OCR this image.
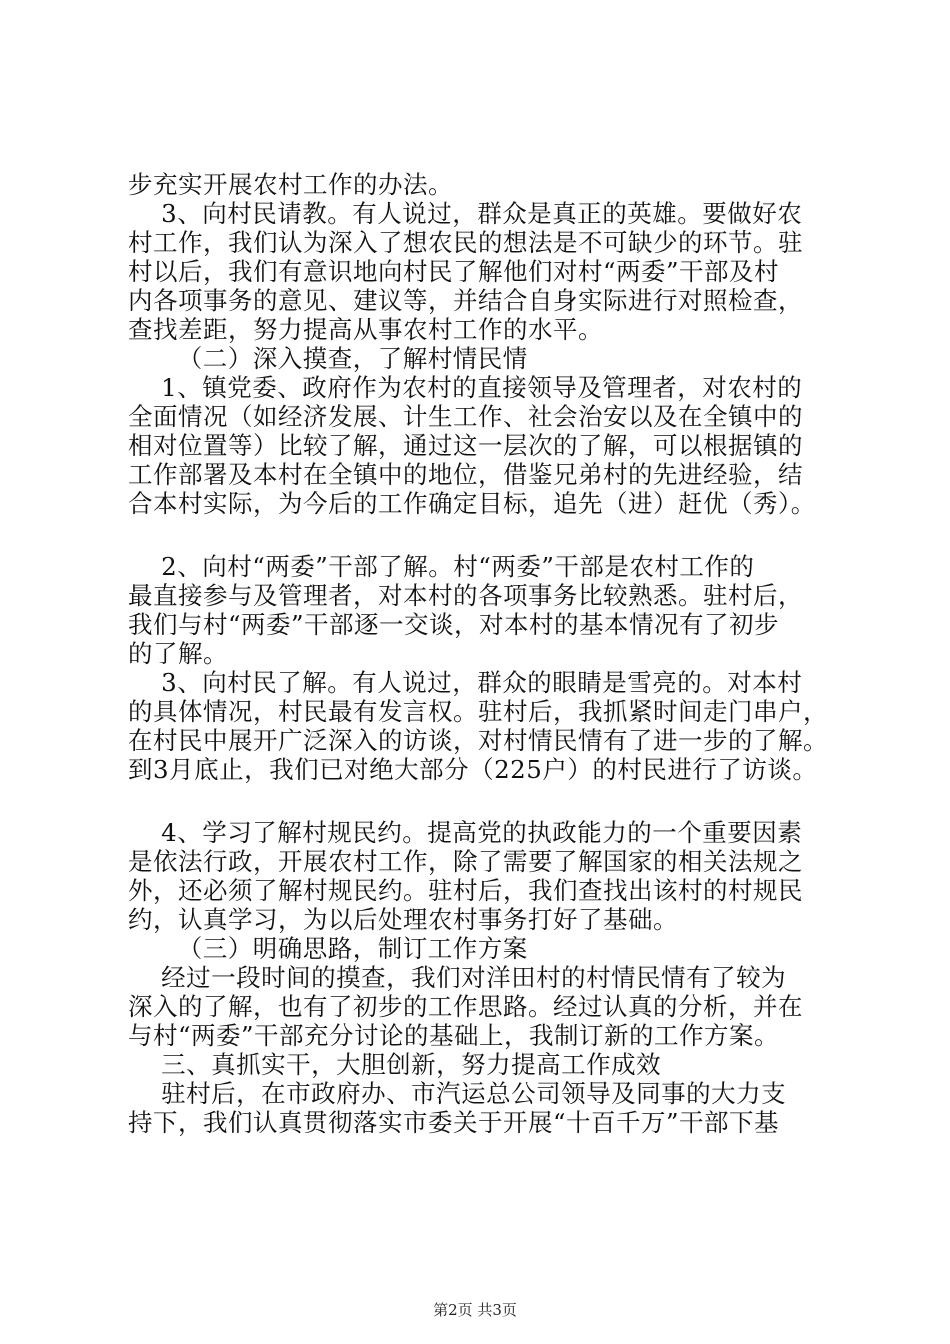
步充实开展农村工作的办法。
3、向村民请教。有人说过，群众是真正的英雄。要做好农
村工作，我们认为深入了想农民的想法是不可缺少的环节。驻
村以后，我们有意识地向村民了解他们对村“两委”干部及村
内各项事务的意见、建议等，并结合自身实际进行对照检查，
查找差距，努力提高从事农村工作的水平。
（二）深入摸查，了解村情民情
1、镇党委、政府作为农村的直接领导及管理者，对农村的
全面情况（如经济发展、计生工作、社会治安以及在全镇中的
相对位置等）比较了解，通过这一层次的了解，可以根据镇的
工作部署及本村在全镇中的地位，借鉴兄弟村的先进经验，结
合本村实际，为今后的工作确定目标，追先（进）赶优（秀）。
2、向村“两委”干部了解。村“两委”干部是农村工作的
最直接参与及管理者，对本村的各项事务比较熟悉。驻村后，
我们与村“两委”干部逐一交谈，对本村的基本情况有了初步
的了解。
3、向村民了解。有人说过，群众的眼睛是雪亮的。对本村
的具体情况，村民最有发言权。驻村后，我抓紧时间走门串户，
在村民中展开广泛深入的访谈，对村情民情有了进一步的了解。
到3月底止，我们已对绝大部分（225户）的村民进行了访谈。
4、学习了解村规民约。提高党的执政能力的一个重要因素
是依法行政，开展农村工作，除了需要了解国家的相关法规之
外，还必须了解村规民约。驻村后，我们查找出该村的村规民
约，认真学习，为以后处理农村事务打好了基础。
（三）明确思路，制订工作方案
经过一段时间的摸查，我们对洋田村的村情民情有了较为
深入的了解，也有了初步的工作思路。经过认真的分析，并在
与村“两委”干部充分讨论的基础上，我制订新的工作方案。
三、真抓实干，大胆创新，努力提高工作成效
驻村后，在市政府办、市汽运总公司领导及同事的大力支
持下，我们认真贯彻落实市委关于开展“十百千万”干部下基
第2页 共3页
